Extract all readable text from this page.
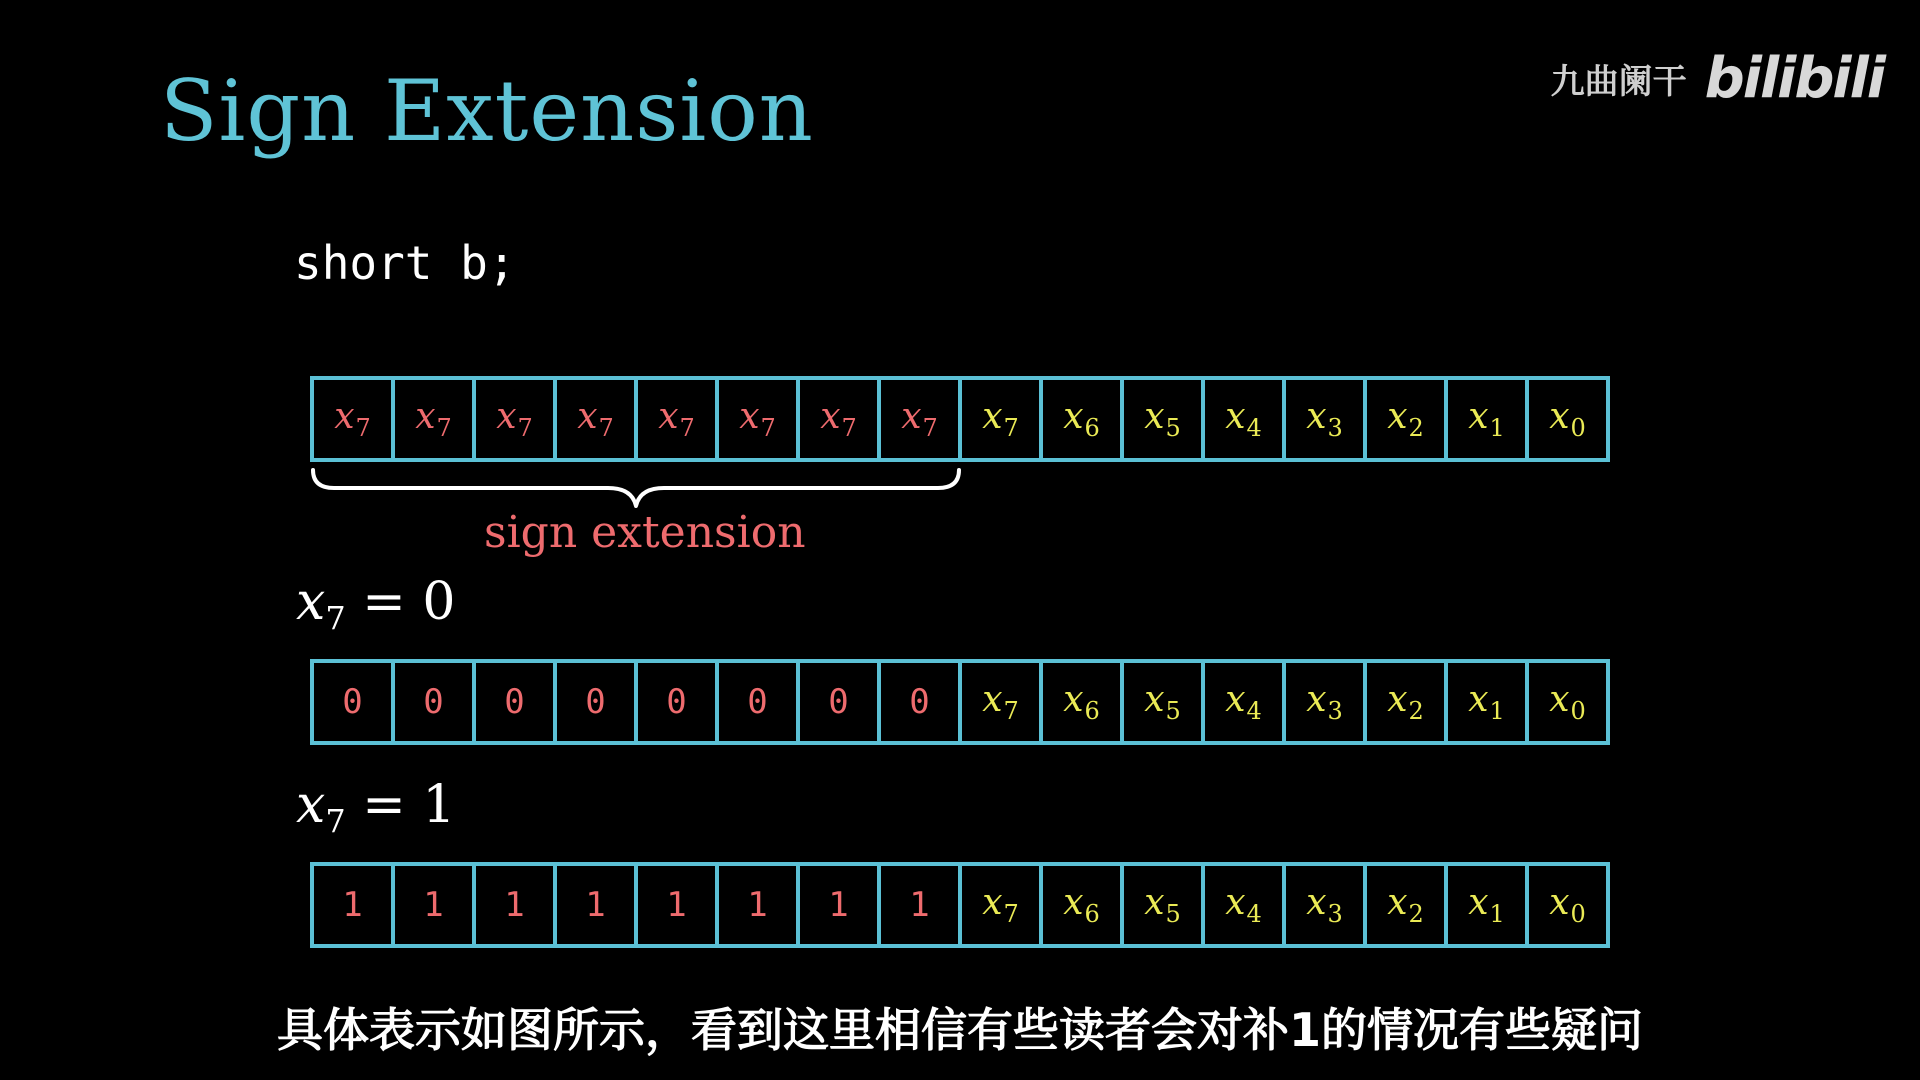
Sign Extension	九曲阑干 bilibili
short b;
$x_7$ $x_7$ $x_7$ $x_7$ $x_7$ $x_7$ $x_7$ $x_7$ $x_7$ $x_6$ $x_5$ $x_4$ $x_3$ $x_2$ $x_1$ $x_0$
sign extension
$x_7 = 0$
0 0 0 0 0 0 0 0 $x_7$ $x_6$ $x_5$ $x_4$ $x_3$ $x_2$ $x_1$ $x_0$
$x_7 = 1$
1 1 1 1 1 1 1 1 $x_7$ $x_6$ $x_5$ $x_4$ $x_3$ $x_2$ $x_1$ $x_0$
具体表示如图所示，看到这里相信有些读者会对补1的情况有些疑问
